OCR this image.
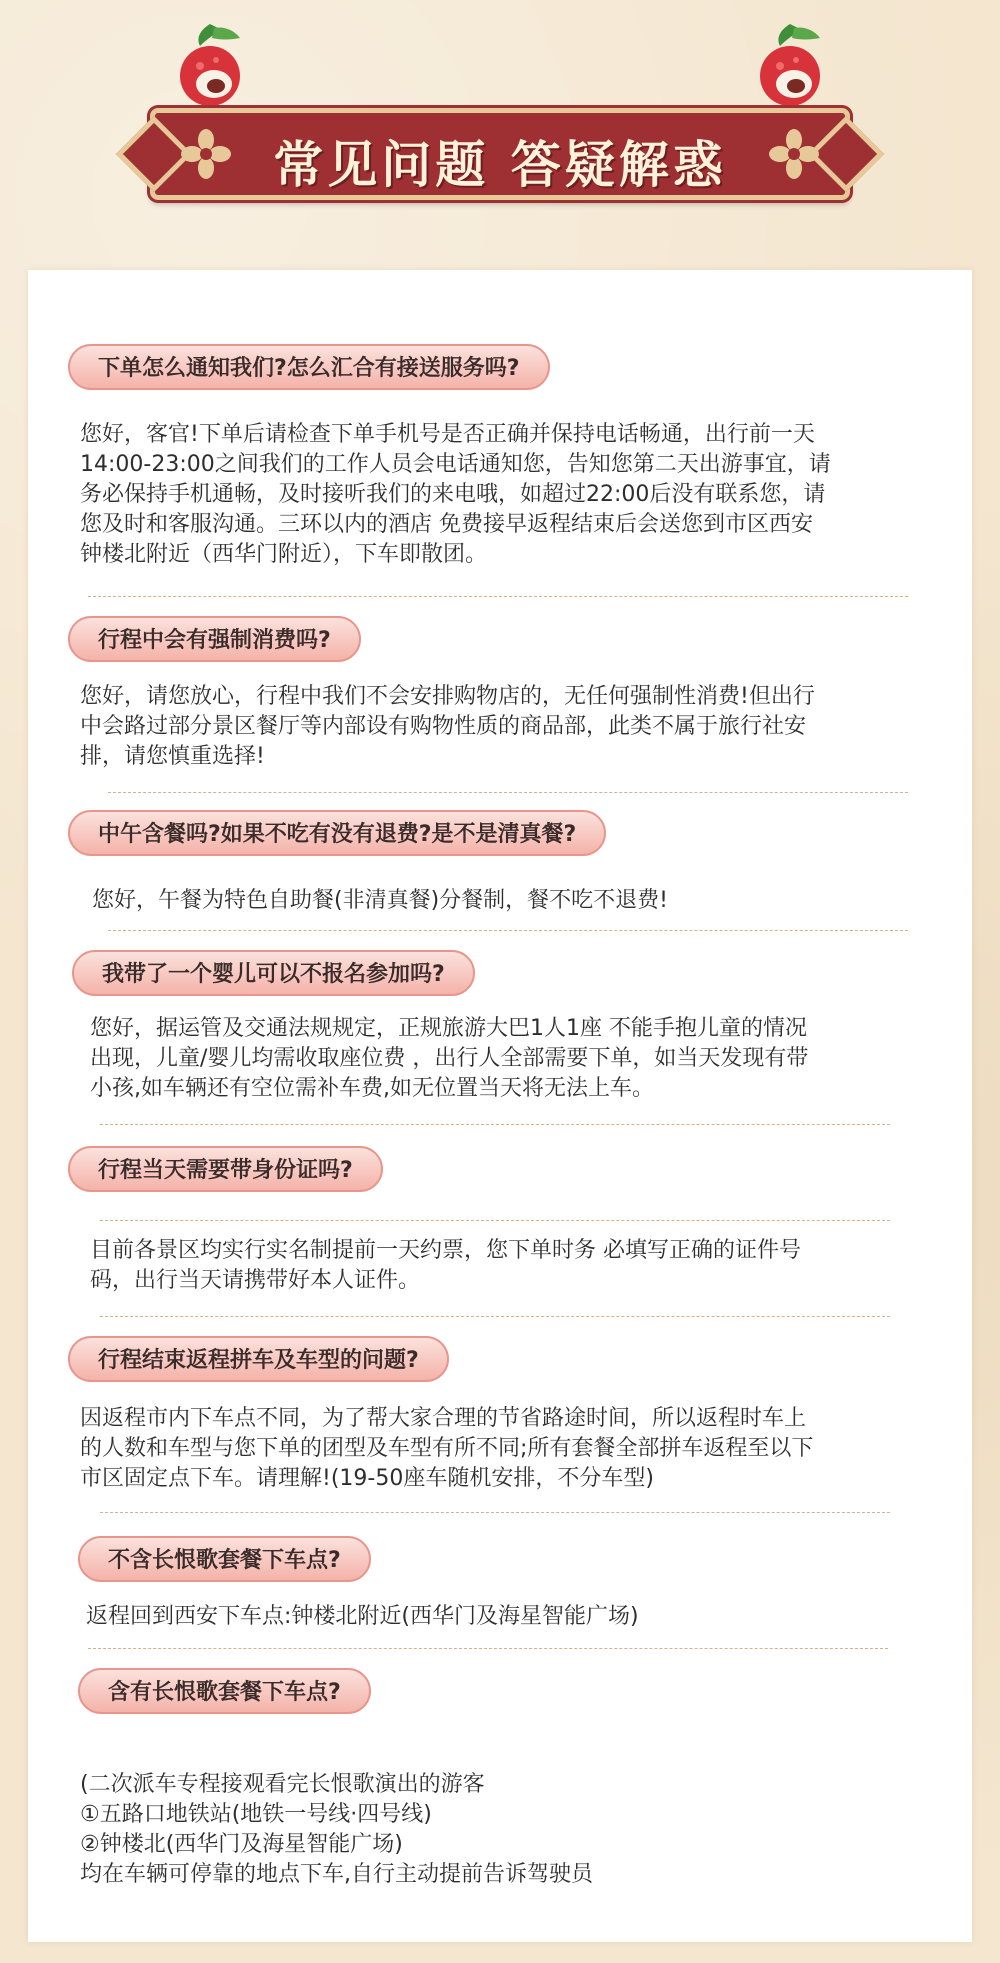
常见问题 答疑解惑
下单怎么通知我们?怎么汇合有接送服务吗?
您好，客官!下单后请检查下单手机号是否正确并保持电话畅通，出行前一天
14:00-23:00之间我们的工作人员会电话通知您，告知您第二天出游事宜，请
务必保持手机通畅，及时接听我们的来电哦，如超过22:00后没有联系您，请
您及时和客服沟通。三环以内的酒店 免费接早返程结束后会送您到市区西安
钟楼北附近（西华门附近），下车即散团。
行程中会有强制消费吗?
您好，请您放心，行程中我们不会安排购物店的，无任何强制性消费!但出行
中会路过部分景区餐厅等内部设有购物性质的商品部，此类不属于旅行社安
排，请您慎重选择!
中午含餐吗?如果不吃有没有退费?是不是清真餐?
您好，午餐为特色自助餐(非清真餐)分餐制，餐不吃不退费!
我带了一个婴儿可以不报名参加吗?
您好，据运管及交通法规规定，正规旅游大巴1人1座 不能手抱儿童的情况
出现，儿童/婴儿均需收取座位费 ，出行人全部需要下单，如当天发现有带
小孩,如车辆还有空位需补车费,如无位置当天将无法上车。
行程当天需要带身份证吗?
目前各景区均实行实名制提前一天约票，您下单时务 必填写正确的证件号
码，出行当天请携带好本人证件。
行程结束返程拼车及车型的问题?
因返程市内下车点不同，为了帮大家合理的节省路途时间，所以返程时车上
的人数和车型与您下单的团型及车型有所不同;所有套餐全部拼车返程至以下
市区固定点下车。请理解!(19-50座车随机安排，不分车型)
不含长恨歌套餐下车点?
返程回到西安下车点:钟楼北附近(西华门及海星智能广场)
含有长恨歌套餐下车点?
(二次派车专程接观看完长恨歌演出的游客
①五路口地铁站(地铁一号线·四号线)
②钟楼北(西华门及海星智能广场)
均在车辆可停靠的地点下车,自行主动提前告诉驾驶员
